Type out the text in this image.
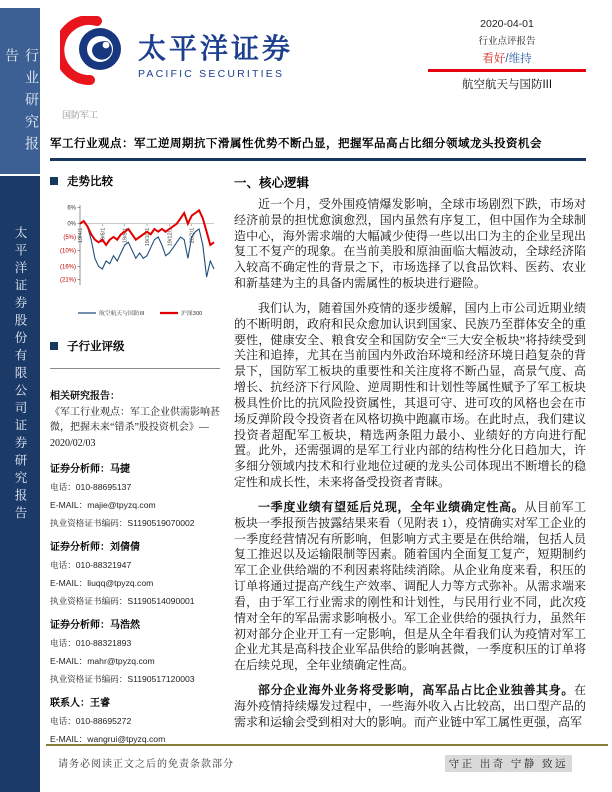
行业研究报告
太平洋证券股份有限公司证券研究报告
太平洋证券
PACIFIC SECURITIES
2020-04-01
行业点评报告
看好/维持
航空航天与国防III
国防军工
军工行业观点：军工逆周期抗下滑属性优势不断凸显，把握军品高占比细分领域龙头投资机会
走势比较
6%
0%
(5%)
(10%)
(16%)
(21%)
19/4/1	19/6/1	19/8/1	19/10/1	19/12/1	20/2/1
航空航天与国防III	沪深300
子行业评级
相关研究报告：
《军工行业观点：军工企业供需影响甚微，把握未来“错杀”股投资机会》—2020/02/03
证券分析师：马捷
电话：010-88695137
E-MAIL：majie@tpyzq.com
执业资格证书编码：S1190519070002
证券分析师：刘倩倩
电话：010-88321947
E-MAIL：liuqq@tpyzq.com
执业资格证书编码：S1190514090001
证券分析师：马浩然
电话：010-88321893
E-MAIL：mahr@tpyzq.com
执业资格证书编码：S1190517120003
联系人：王睿
电话：010-88695272
E-MAIL：wangrui@tpyzq.com
一、核心逻辑

近一个月，受外围疫情爆发影响，全球市场剧烈下跌，市场对经济前景的担忧愈演愈烈，国内虽然有序复工，但中国作为全球制造中心，海外需求端的大幅减少使得一些以出口为主的企业呈现出复工不复产的现象。在当前美股和原油面临大幅波动，全球经济陷入较高不确定性的背景之下，市场选择了以食品饮料、医药、农业和新基建为主的具备内需属性的板块进行避险。

我们认为，随着国外疫情的逐步缓解，国内上市公司近期业绩的不断明朗，政府和民众愈加认识到国家、民族乃至群体安全的重要性，健康安全、粮食安全和国防安全“三大安全板块”将持续受到关注和追捧，尤其在当前国内外政治环境和经济环境日趋复杂的背景下，国防军工板块的重要性和关注度将不断凸显，高景气度、高增长、抗经济下行风险、逆周期性和计划性等属性赋予了军工板块极具性价比的抗风险投资属性，其退可守、进可攻的风格也会在市场反弹阶段令投资者在风格切换中跑赢市场。在此时点，我们建议投资者超配军工板块，精选两条阻力最小、业绩好的方向进行配置。此外，还需强调的是军工行业内部的结构性分化日趋加大，许多细分领域内技术和行业地位过硬的龙头公司体现出不断增长的稳定性和成长性，未来将备受投资者青睐。

一季度业绩有望延后兑现，全年业绩确定性高。从目前军工板块一季报预告披露结果来看（见附表 1），疫情确实对军工企业的一季度经营情况有所影响，但影响方式主要是在供给端，包括人员复工推迟以及运输限制等因素。随着国内全面复工复产，短期制约军工企业供给端的不利因素将陆续消除。从企业角度来看，积压的订单将通过提高产线生产效率、调配人力等方式弥补。从需求端来看，由于军工行业需求的刚性和计划性，与民用行业不同，此次疫情对全年的军品需求影响极小。军工企业供给的强执行力，虽然年初对部分企业开工有一定影响，但是从全年看我们认为疫情对军工企业尤其是高科技企业军品供给的影响甚微，一季度积压的订单将在后续兑现，全年业绩确定性高。

部分企业海外业务将受影响，高军品占比企业独善其身。在海外疫情持续爆发过程中，一些海外收入占比较高，出口型产品的需求和运输会受到相对大的影响。而产业链中军工属性更强，高军

请务必阅读正文之后的免责条款部分	守正 出奇 宁静 致远
